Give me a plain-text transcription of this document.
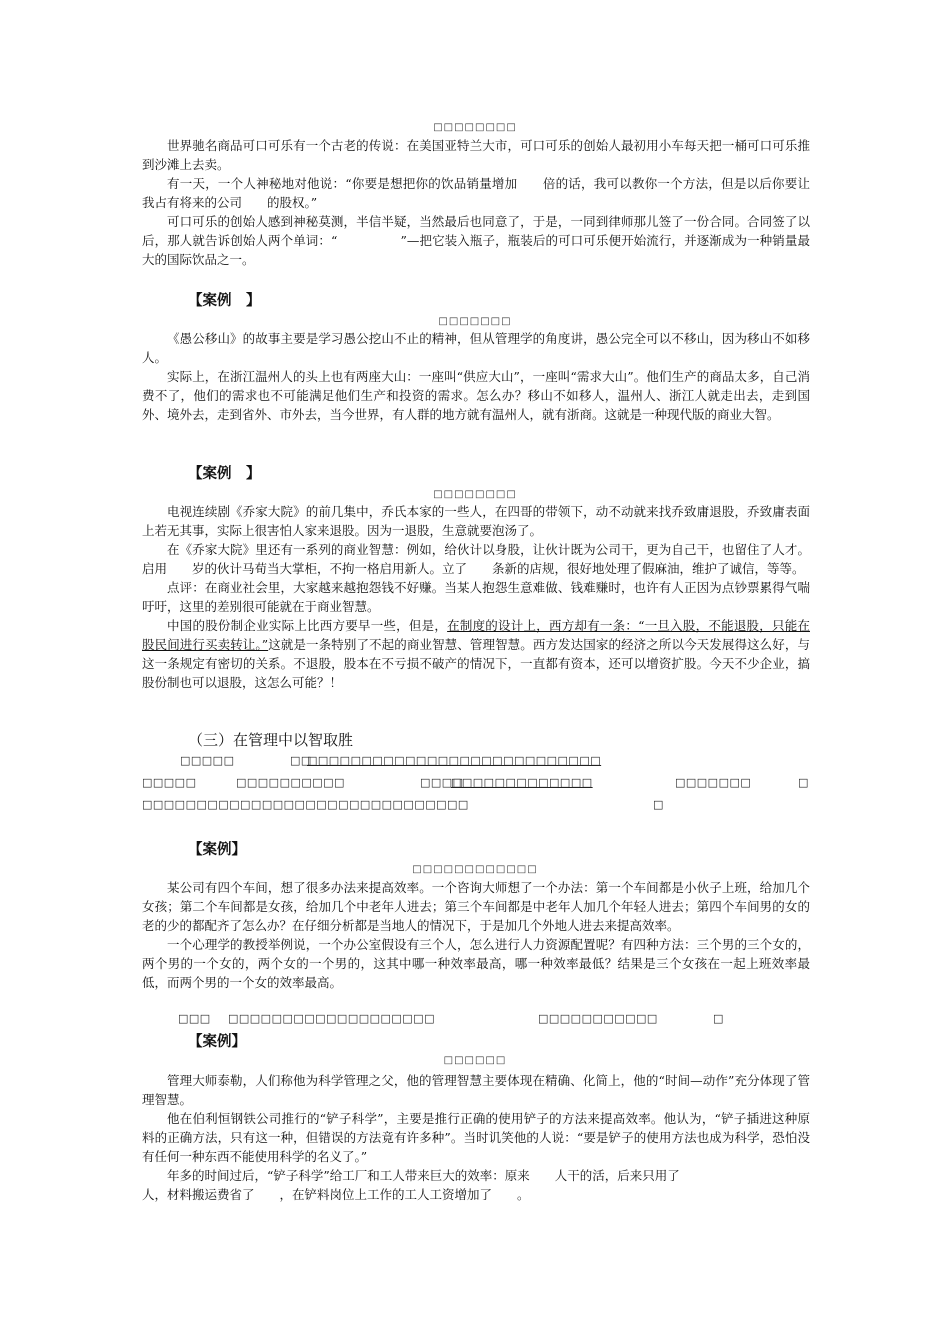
□□□□□□□□

世界驰名商品可口可乐有一个古老的传说：在美国亚特兰大市，可口可乐的创始人最初用小车每天把一桶可口可乐推到沙滩上去卖。

有一天，一个人神秘地对他说：“你要是想把你的饮品销量增加　　倍的话，我可以教你一个方法，但是以后你要让我占有将来的公司　　的股权。”

可口可乐的创始人感到神秘莫测，半信半疑，当然最后也同意了，于是，一同到律师那儿签了一份合同。合同签了以后，那人就告诉创始人两个单词：“　　　　　”—把它装入瓶子，瓶装后的可口可乐便开始流行，并逐渐成为一种销量最大的国际饮品之一。

【案例　】
□□□□□□□

《愚公移山》的故事主要是学习愚公挖山不止的精神，但从管理学的角度讲，愚公完全可以不移山，因为移山不如移人。

实际上，在浙江温州人的头上也有两座大山：一座叫“供应大山”，一座叫“需求大山”。他们生产的商品太多，自己消费不了，他们的需求也不可能满足他们生产和投资的需求。怎么办？移山不如移人，温州人、浙江人就走出去，走到国外、境外去，走到省外、市外去，当今世界，有人群的地方就有温州人，就有浙商。这就是一种现代版的商业大智。

【案例　】
□□□□□□□□

电视连续剧《乔家大院》的前几集中，乔氏本家的一些人，在四哥的带领下，动不动就来找乔致庸退股，乔致庸表面上若无其事，实际上很害怕人家来退股。因为一退股，生意就要泡汤了。

在《乔家大院》里还有一系列的商业智慧：例如，给伙计以身股，让伙计既为公司干，更为自己干，也留住了人才。启用　　岁的伙计马荀当大掌柜，不拘一格启用新人。立了　　条新的店规，很好地处理了假麻油，维护了诚信，等等。

点评：在商业社会里，大家越来越抱怨钱不好赚。当某人抱怨生意难做、钱难赚时，也许有人正因为点钞票累得气喘吁吁，这里的差别很可能就在于商业智慧。

中国的股份制企业实际上比西方要早一些，但是，在制度的设计上，西方却有一条：“一旦入股，不能退股，只能在股民间进行买卖转让。”这就是一条特别了不起的商业智慧、管理智慧。西方发达国家的经济之所以今天发展得这么好，与这一条规定有密切的关系。不退股，股本在不亏损不破产的情况下，一直都有资本，还可以增资扩股。今天不少企业，搞股份制也可以退股，这怎么可能？！

（三）在管理中以智取胜
□□□□□	□□
□□□□□□□□□□□□□□□□□□□□□□□□□□□
□□□□□	□□□□□□□□□□	□□□□
□□□□□□□□□□□□□	□□□□□□□	□
□□□□□□□□□□□□□□□□□□□□□□□□□□□□□□	□
【案例】
□□□□□□□□□□□□

某公司有四个车间，想了很多办法来提高效率。一个咨询大师想了一个办法：第一个车间都是小伙子上班，给加几个女孩；第二个车间都是女孩，给加几个中老年人进去；第三个车间都是中老年人加几个年轻人进去；第四个车间男的女的老的少的都配齐了怎么办？在仔细分析都是当地人的情况下，于是加几个外地人进去来提高效率。

一个心理学的教授举例说，一个办公室假设有三个人，怎么进行人力资源配置呢？有四种方法：三个男的三个女的，两个男的一个女的，两个女的一个男的，这其中哪一种效率最高，哪一种效率最低？结果是三个女孩在一起上班效率最低，而两个男的一个女的效率最高。

□□□ □□□□□□□□□□□□□□□□□□□	□□□□□□□□□□□	□
【案例】
□□□□□□

管理大师泰勒，人们称他为科学管理之父，他的管理智慧主要体现在精确、化简上，他的“时间—动作”充分体现了管理智慧。

他在伯利恒钢铁公司推行的“铲子科学”，主要是推行正确的使用铲子的方法来提高效率。他认为，“铲子插进这种原料的正确方法，只有这一种，但错误的方法竟有许多种”。当时讥笑他的人说：“要是铲子的使用方法也成为科学，恐怕没有任何一种东西不能使用科学的名义了。”

年多的时间过后，“铲子科学”给工厂和工人带来巨大的效率：原来　　人干的活，后来只用了

人，材料搬运费省了　　，在铲料岗位上工作的工人工资增加了　　。
